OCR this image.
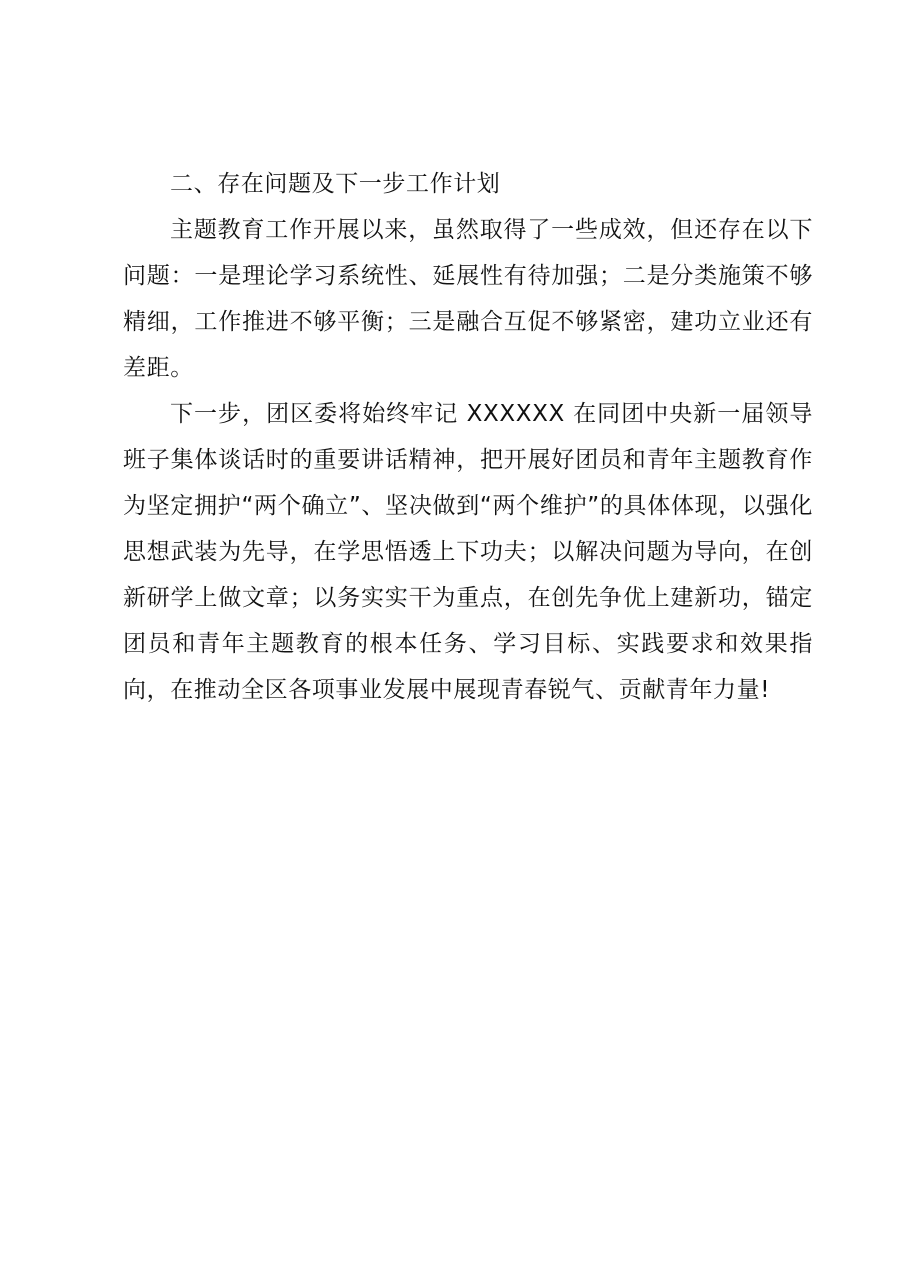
二、存在问题及下一步工作计划

主题教育工作开展以来，虽然取得了一些成效，但还存在以下问题：一是理论学习系统性、延展性有待加强；二是分类施策不够精细，工作推进不够平衡；三是融合互促不够紧密，建功立业还有差距。

下一步，团区委将始终牢记 XXXXXX 在同团中央新一届领导班子集体谈话时的重要讲话精神，把开展好团员和青年主题教育作为坚定拥护“两个确立”、坚决做到“两个维护”的具体体现，以强化思想武装为先导，在学思悟透上下功夫；以解决问题为导向，在创新研学上做文章；以务实实干为重点，在创先争优上建新功，锚定团员和青年主题教育的根本任务、学习目标、实践要求和效果指向，在推动全区各项事业发展中展现青春锐气、贡献青年力量!
